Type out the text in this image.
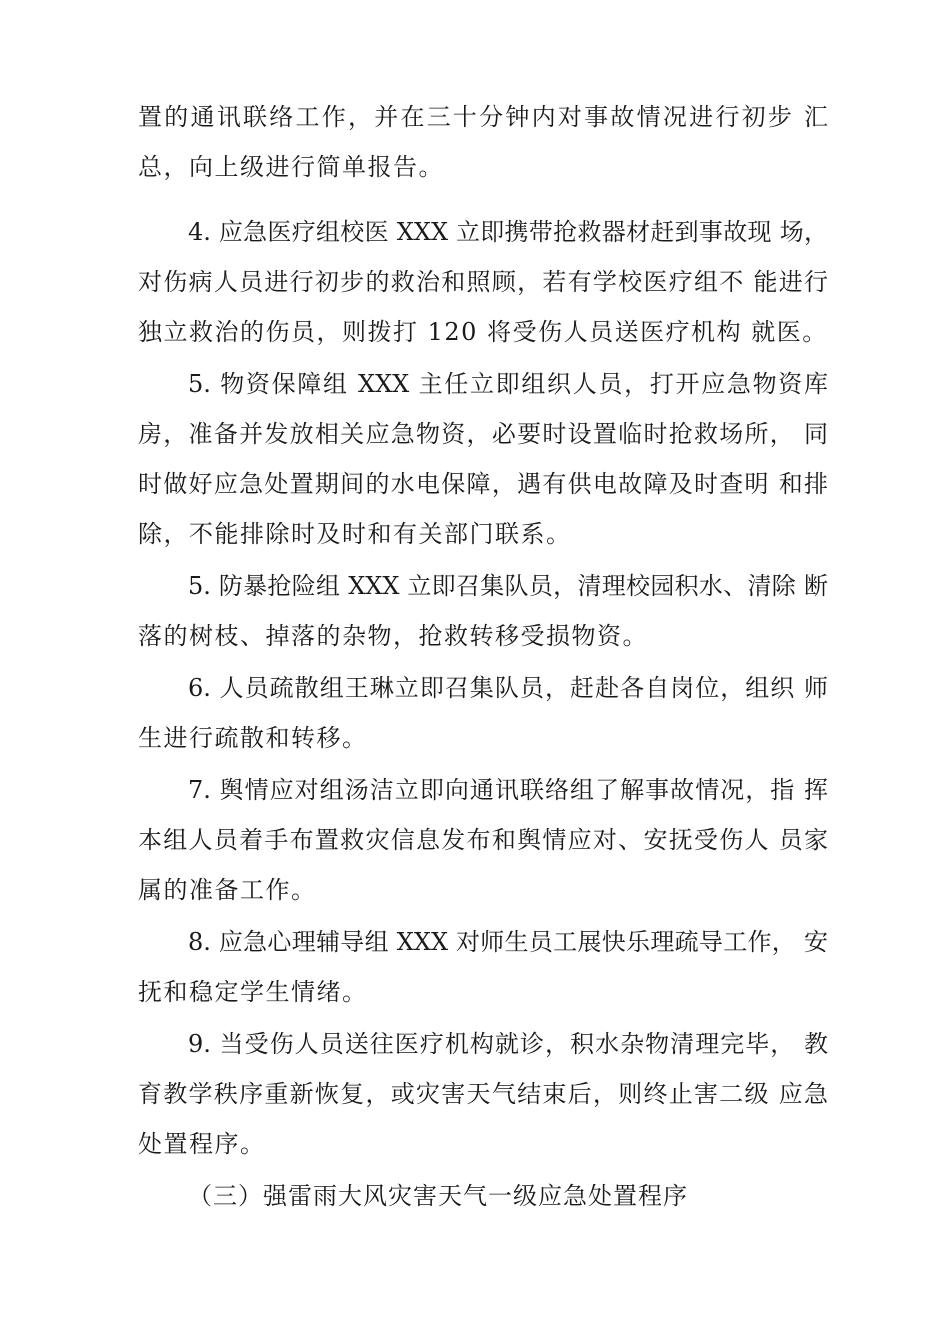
置的通讯联络工作，并在三十分钟内对事故情况进行初步 汇
总，向上级进行简单报告。
4. 应急医疗组校医 XXX 立即携带抢救器材赶到事故现 场，
对伤病人员进行初步的救治和照顾，若有学校医疗组不 能进行
独立救治的伤员，则拨打 120 将受伤人员送医疗机构 就医。
5. 物资保障组 XXX 主任立即组织人员，打开应急物资库
房，准备并发放相关应急物资，必要时设置临时抢救场所， 同
时做好应急处置期间的水电保障，遇有供电故障及时查明 和排
除，不能排除时及时和有关部门联系。
5. 防暴抢险组 XXX 立即召集队员，清理校园积水、清除 断
落的树枝、掉落的杂物，抢救转移受损物资。
6. 人员疏散组王琳立即召集队员，赶赴各自岗位，组织 师
生进行疏散和转移。
7. 舆情应对组汤洁立即向通讯联络组了解事故情况，指 挥
本组人员着手布置救灾信息发布和舆情应对、安抚受伤人 员家
属的准备工作。
8. 应急心理辅导组 XXX 对师生员工展快乐理疏导工作， 安
抚和稳定学生情绪。
9. 当受伤人员送往医疗机构就诊，积水杂物清理完毕， 教
育教学秩序重新恢复，或灾害天气结束后，则终止害二级 应急
处置程序。
（三）强雷雨大风灾害天气一级应急处置程序
